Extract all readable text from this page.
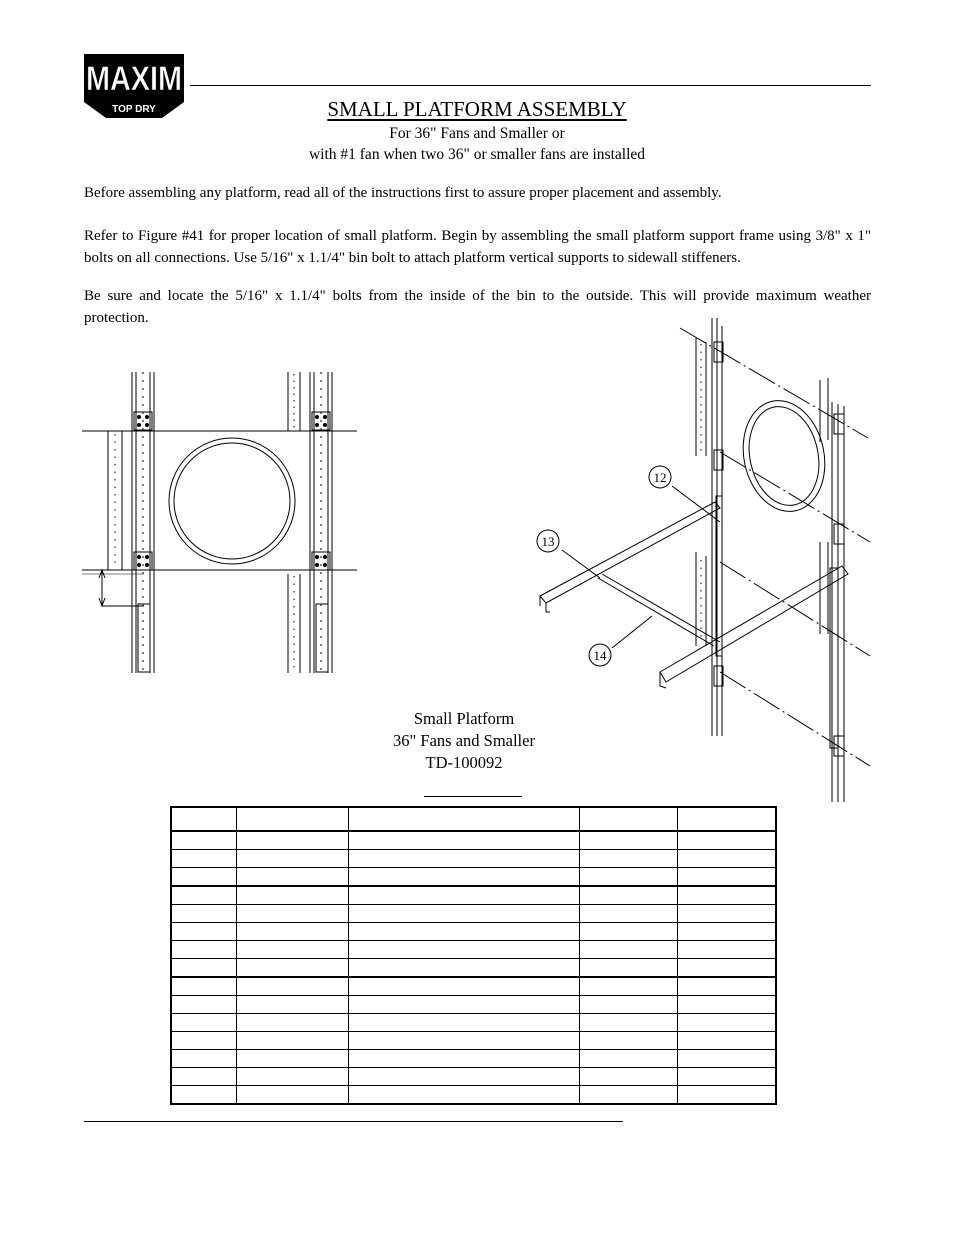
MAXIM
TOP DRY	SMALL PLATFORM ASSEMBLY
For 36" Fans and Smaller or
with #1 fan when two 36" or smaller fans are installed
Before assembling any platform, read all of the instructions first to assure proper placement and assembly.
Refer to Figure #41 for proper location of small platform. Begin by assembling the small platform support frame using 3/8" x 1" bolts on all connections. Use 5/16" x 1.1/4" bin bolt to attach platform vertical supports to sidewall stiffeners.
Be sure and locate the 5/16" x 1.1/4" bolts from the inside of the bin to the outside. This will provide maximum weather protection.
12
13
14
Small Platform
36" Fans and Smaller
TD-100092
